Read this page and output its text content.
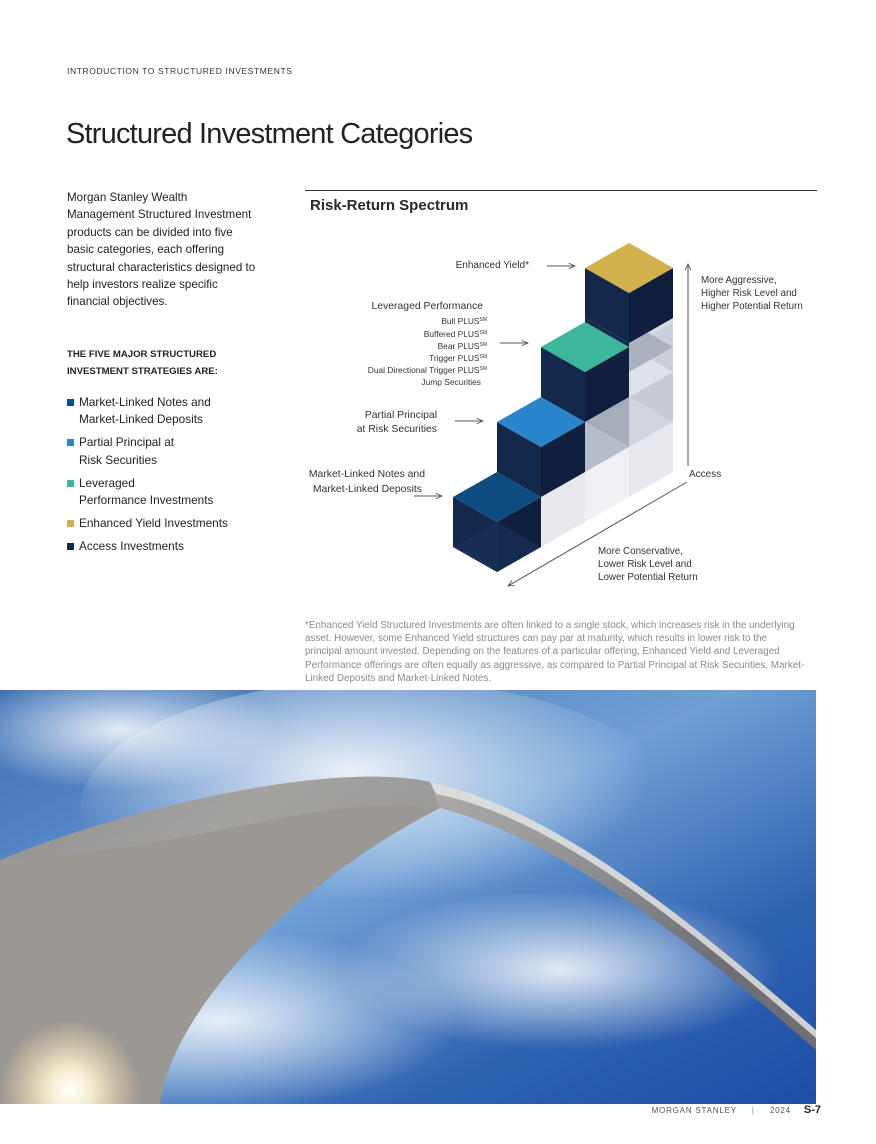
INTRODUCTION TO STRUCTURED INVESTMENTS
Structured Investment Categories

Morgan Stanley Wealth Management Structured Investment products can be divided into five basic categories, each offering structural characteristics designed to help investors realize specific financial objectives.

THE FIVE MAJOR STRUCTURED INVESTMENT STRATEGIES ARE:

Market-Linked Notes and
Market-Linked Deposits
Partial Principal at
Risk Securities
Leveraged
Performance Investments
Enhanced Yield Investments
Access Investments
Risk-Return Spectrum
Enhanced Yield*
Leveraged Performance
Bull PLUS℠
Buffered PLUS℠
Bear PLUS℠
Trigger PLUS℠
Dual Directional Trigger PLUS℠
Jump Securities
Partial Principal
at Risk Securities
Market-Linked Notes and
Market-Linked Deposits
Access
More Aggressive,
Higher Risk Level and
Higher Potential Return
More Conservative,
Lower Risk Level and
Lower Potential Return

*Enhanced Yield Structured Investments are often linked to a single stock, which increases risk in the underlying asset. However, some Enhanced Yield structures can pay par at maturity, which results in lower risk to the principal amount invested. Depending on the features of a particular offering, Enhanced Yield and Leveraged Performance offerings are often equally as aggressive, as compared to Partial Principal at Risk Securities, Market-Linked Deposits and Market-Linked Notes.

MORGAN STANLEY | 2024 S-7
